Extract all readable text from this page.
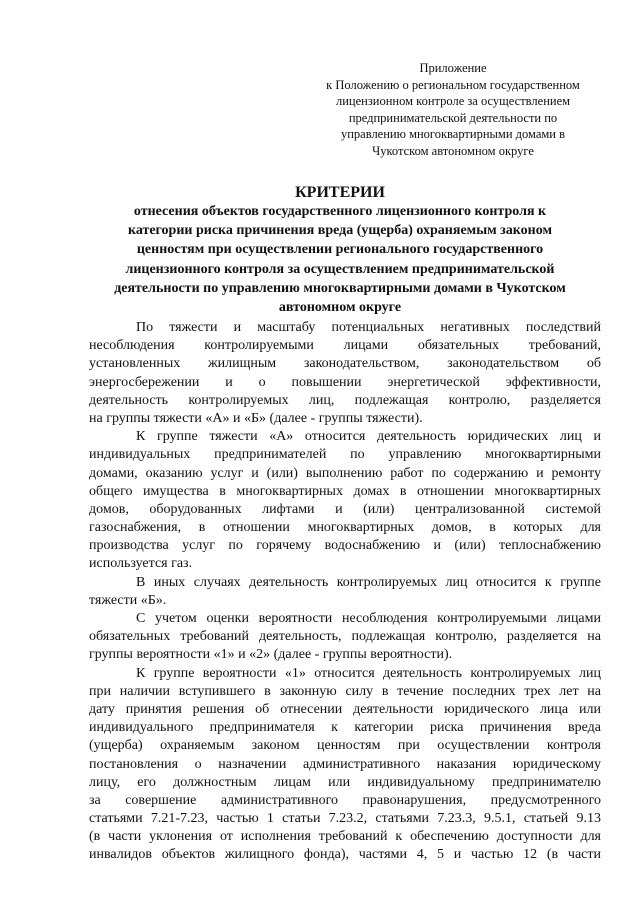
Приложение
к Положению о региональном государственном
лицензионном контроле за осуществлением
предпринимательской деятельности по
управлению многоквартирными домами в
Чукотском автономном округе
КРИТЕРИИ
отнесения объектов государственного лицензионного контроля к
категории риска причинения вреда (ущерба) охраняемым законом
ценностям при осуществлении регионального государственного
лицензионного контроля за осуществлением предпринимательской
деятельности по управлению многоквартирными домами в Чукотском
автономном округе
По тяжести и масштабу потенциальных негативных последствий
несоблюдения контролируемыми лицами обязательных требований,
установленных жилищным законодательством, законодательством об
энергосбережении и о повышении энергетической эффективности,
деятельность контролируемых лиц, подлежащая контролю, разделяется
на группы тяжести «А» и «Б» (далее - группы тяжести).
К группе тяжести «А» относится деятельность юридических лиц и
индивидуальных предпринимателей по управлению многоквартирными
домами, оказанию услуг и (или) выполнению работ по содержанию и ремонту
общего имущества в многоквартирных домах в отношении многоквартирных
домов, оборудованных лифтами и (или) централизованной системой
газоснабжения, в отношении многоквартирных домов, в которых для
производства услуг по горячему водоснабжению и (или) теплоснабжению
используется газ.
В иных случаях деятельность контролируемых лиц относится к группе
тяжести «Б».
С учетом оценки вероятности несоблюдения контролируемыми лицами
обязательных требований деятельность, подлежащая контролю, разделяется на
группы вероятности «1» и «2» (далее - группы вероятности).
К группе вероятности «1» относится деятельность контролируемых лиц
при наличии вступившего в законную силу в течение последних трех лет на
дату принятия решения об отнесении деятельности юридического лица или
индивидуального предпринимателя к категории риска причинения вреда
(ущерба) охраняемым законом ценностям при осуществлении контроля
постановления о назначении административного наказания юридическому
лицу, его должностным лицам или индивидуальному предпринимателю
за совершение административного правонарушения, предусмотренного
статьями 7.21-7.23, частью 1 статьи 7.23.2, статьями 7.23.3, 9.5.1, статьей 9.13
(в части уклонения от исполнения требований к обеспечению доступности для
инвалидов объектов жилищного фонда), частями 4, 5 и частью 12 (в части
